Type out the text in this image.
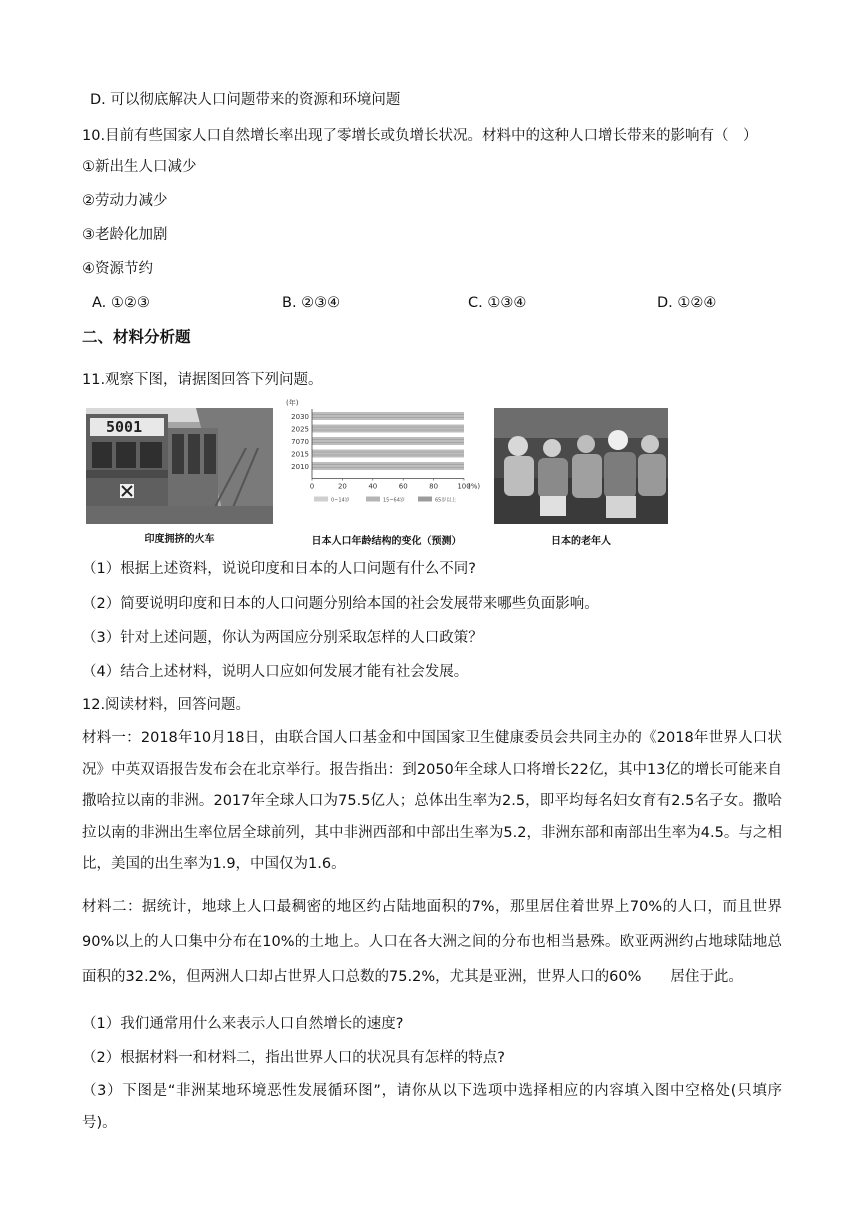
D. 可以彻底解决人口问题带来的资源和环境问题
10.目前有些国家人口自然增长率出现了零增长或负增长状况。材料中的这种人口增长带来的影响有（　）
①新出生人口减少
②劳动力减少
③老龄化加剧
④资源节约
A. ①②③	B. ②③④	C. ①③④	D. ①②④
二、材料分析题
11.观察下图，请据图回答下列问题。
5001
印度拥挤的火车
(年)
2030
2025
7070
2015
2010
0	20	40	60	80	100
(%)
0~14岁	15~64岁	65岁以上
日本人口年龄结构的变化（预测）	日本的老年人
（1）根据上述资料，说说印度和日本的人口问题有什么不同?
（2）简要说明印度和日本的人口问题分别给本国的社会发展带来哪些负面影响。
（3）针对上述问题，你认为两国应分别采取怎样的人口政策？
（4）结合上述材料，说明人口应如何发展才能有社会发展。
12.阅读材料，回答问题。
材料一：2018年10月18日，由联合国人口基金和中国国家卫生健康委员会共同主办的《2018年世界人口状况》中英双语报告发布会在北京举行。报告指出：到2050年全球人口将增长22亿，其中13亿的增长可能来自撒哈拉以南的非洲。2017年全球人口为75.5亿人；总体出生率为2.5，即平均每名妇女育有2.5名子女。撒哈拉以南的非洲出生率位居全球前列，其中非洲西部和中部出生率为5.2，非洲东部和南部出生率为4.5。与之相比，美国的出生率为1.9，中国仅为1.6。
材料二：据统计，地球上人口最稠密的地区约占陆地面积的7%，那里居住着世界上70%的人口，而且世界90%以上的人口集中分布在10%的土地上。人口在各大洲之间的分布也相当悬殊。欧亚两洲约占地球陆地总面积的32.2%，但两洲人口却占世界人口总数的75.2%，尤其是亚洲，世界人口的60%　　居住于此。
（1）我们通常用什么来表示人口自然增长的速度?
（2）根据材料一和材料二，指出世界人口的状况具有怎样的特点?
（3）下图是“非洲某地环境恶性发展循环图”，请你从以下选项中选择相应的内容填入图中空格处(只填序号)。
